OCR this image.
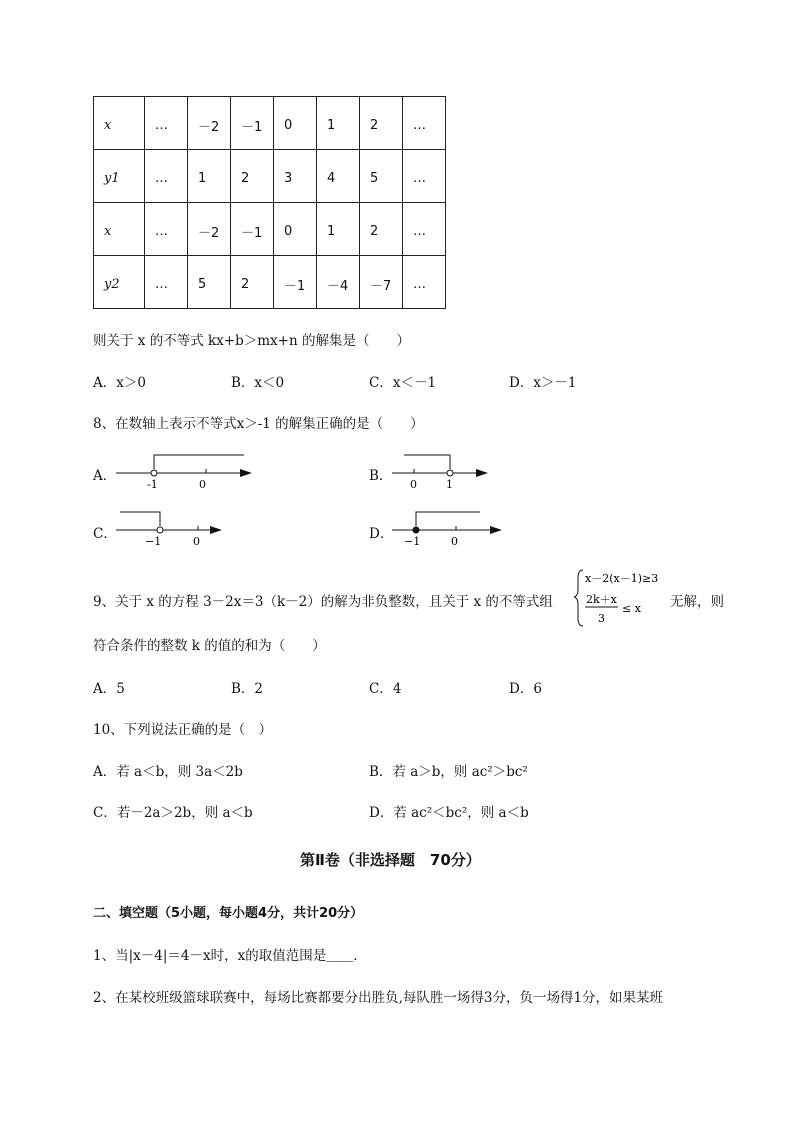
x	…	－2	－1	0	1	2	…

y1	…	1	2	3	4	5	…

x	…	－2	－1	0	1	2	…

y2	…	5	2	－1	－4	－7	…
则关于 x 的不等式 kx+b＞mx+n 的解集是（　　）
A．x＞0	B．x＜0	C．x＜－1	D．x＞－1
8、在数轴上表示不等式x＞-1 的解集正确的是（　　）
A．
-1	0
B．
0	1
C．	−1	0	D． −1	0
9、关于 x 的方程 3－2x＝3（k－2）的解为非负整数，且关于 x 的不等式组
x－2(x－1)≥3
2k＋x
3
≤ x 无解，则
符合条件的整数 k 的值的和为（　　）
A．5	B．2	C．4	D．6
10、下列说法正确的是（　）
A．若 a＜b，则 3a＜2b	B．若 a＞b，则 ac²＞bc²
C．若－2a＞2b，则 a＜b	D．若 ac²＜bc²，则 a＜b
第Ⅱ卷（非选择题　70分）
二、填空题（5小题，每小题4分，共计20分）
1、当|x－4|＝4－x时，x的取值范围是＿＿.
2、在某校班级篮球联赛中，每场比赛都要分出胜负,每队胜一场得3分，负一场得1分，如果某班
